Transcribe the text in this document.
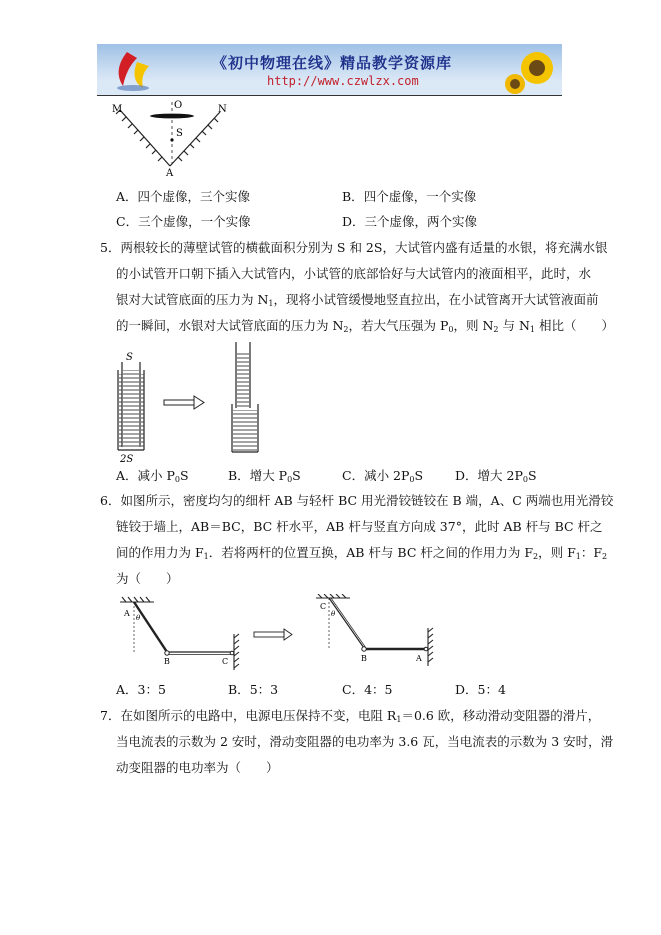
《初中物理在线》精品教学资源库
http://www.czwlzx.com
M	O	N
S
A
A．四个虚像，三个实像	B．四个虚像，一个实像
C．三个虚像，一个实像	D．三个虚像，两个实像
5．两根较长的薄壁试管的横截面积分别为 S 和 2S，大试管内盛有适量的水银，将充满水银
的小试管开口朝下插入大试管内，小试管的底部恰好与大试管内的液面相平，此时，水
银对大试管底面的压力为 $N_1$，现将小试管缓慢地竖直拉出，在小试管离开大试管液面前
的一瞬间，水银对大试管底面的压力为 $N_2$，若大气压强为 $P_0$，则 $N_2$ 与 $N_1$ 相比（　　）
S
2S
A．减小 $P_0S$	B．增大 $P_0S$	C．减小 $2P_0S$	D．增大 $2P_0S$
6．如图所示，密度均匀的细杆 AB 与轻杆 BC 用光滑铰链铰在 B 端，A、C 两端也用光滑铰
链铰于墙上，AB＝BC，BC 杆水平，AB 杆与竖直方向成 37°，此时 AB 杆与 BC 杆之
间的作用力为 $F_1$．若将两杆的位置互换，AB 杆与 BC 杆之间的作用力为 $F_2$，则 $F_1$：$F_2$
为（　　）
A θ
B	C
C
θ
B	A
A．3：5	B．5：3	C．4：5	D．5：4
7．在如图所示的电路中，电源电压保持不变，电阻 $R_1=0.6$ 欧，移动滑动变阻器的滑片，
当电流表的示数为 2 安时，滑动变阻器的电功率为 3.6 瓦，当电流表的示数为 3 安时，滑
动变阻器的电功率为（　　）
